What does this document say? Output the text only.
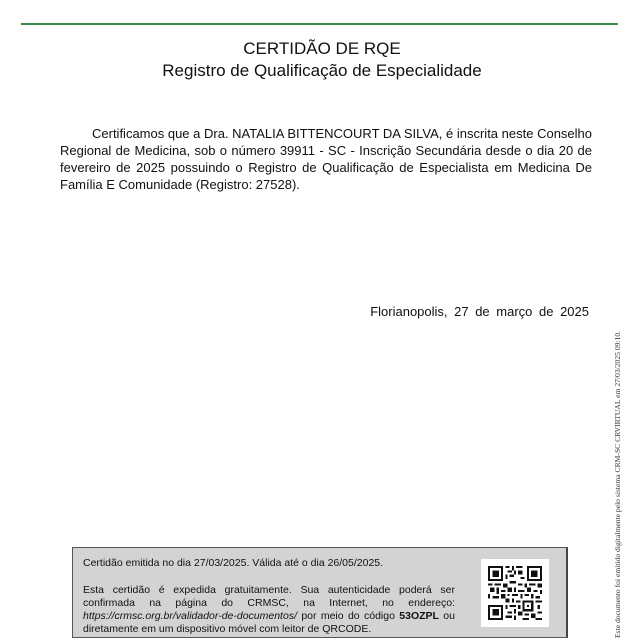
CERTIDÃO DE RQE
Registro de Qualificação de Especialidade
Certificamos que a Dra. NATALIA BITTENCOURT DA SILVA, é inscrita neste Conselho Regional de Medicina, sob o número 39911 - SC - Inscrição Secundária desde o dia 20 de fevereiro de 2025 possuindo o Registro de Qualificação de Especialista em Medicina De Família E Comunidade (Registro: 27528).
Florianopolis, 27 de março de 2025
Este documento foi emitido digitalmente pelo sistema CRM-SC CRVIRTUAL em 27/03/2025 09:10.
Certidão emitida no dia 27/03/2025. Válida até o dia 26/05/2025.
Esta certidão é expedida gratuitamente. Sua autenticidade poderá ser confirmada na página do CRMSC, na Internet, no endereço: https://crmsc.org.br/validador-de-documentos/ por meio do código 53OZPL ou diretamente em um dispositivo móvel com leitor de QRCODE.
